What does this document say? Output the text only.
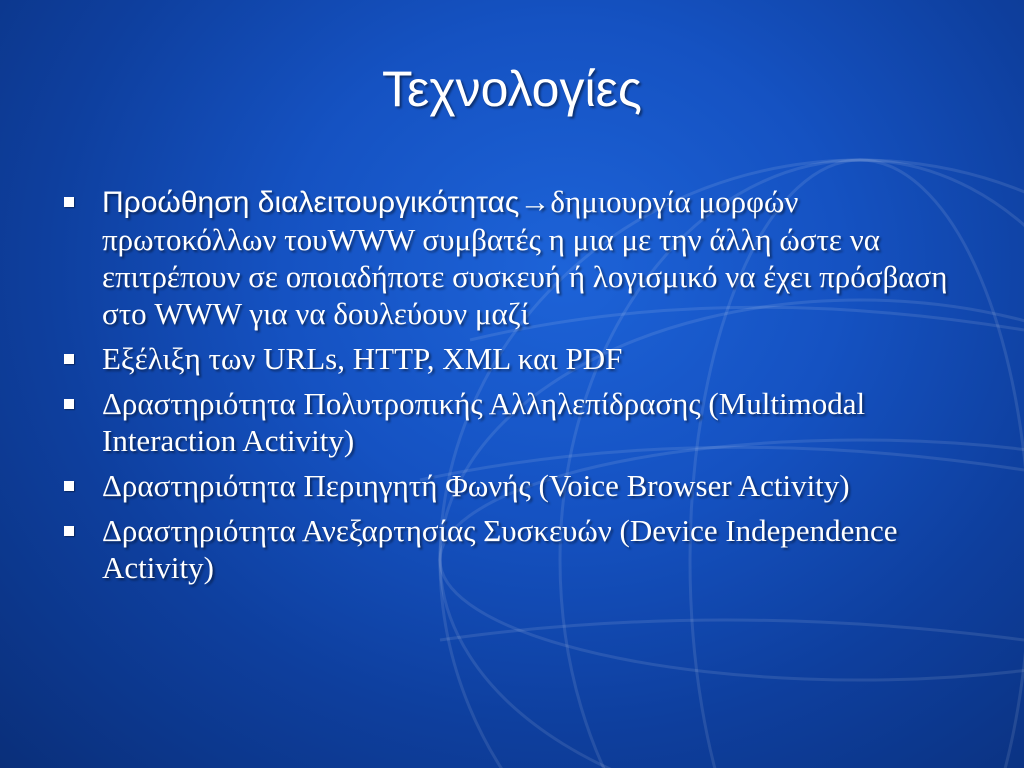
Τεχνολογίες
Προώθηση διαλειτουργικότητας→δημιουργία μορφών πρωτοκόλλων τουWWW συμβατές η μια με την άλλη ώστε να επιτρέπουν σε οποιαδήποτε συσκευή ή λογισμικό να έχει πρόσβαση στο WWW για να δουλεύουν μαζί
Εξέλιξη των URLs, HTTP, XML και PDF
Δραστηριότητα Πολυτροπικής Αλληλεπίδρασης (Multimodal Interaction Activity)
Δραστηριότητα Περιηγητή Φωνής (Voice Browser Activity)
Δραστηριότητα Ανεξαρτησίας Συσκευών (Device Independence Activity)
